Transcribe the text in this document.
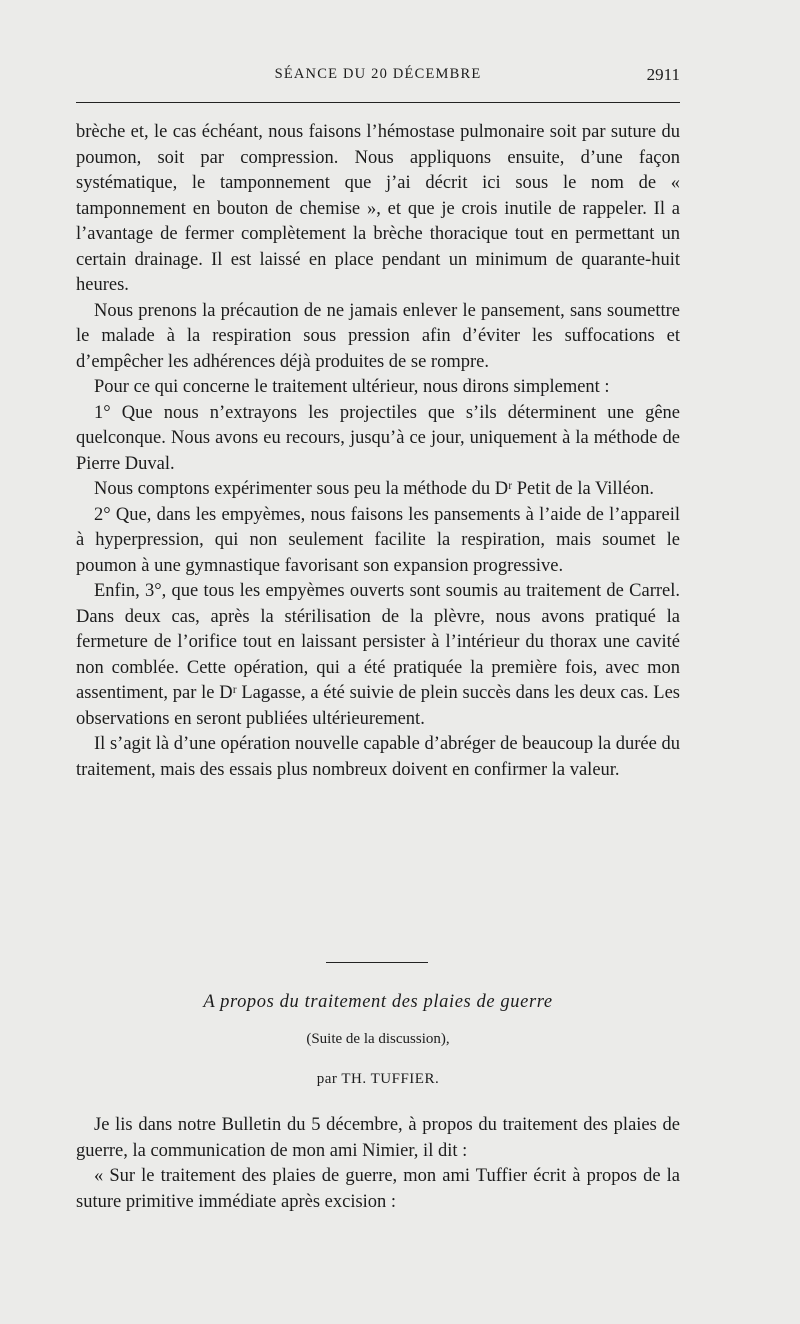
SÉANCE DU 20 DÉCEMBRE	2911

brèche et, le cas échéant, nous faisons l’hémostase pulmonaire soit par suture du poumon, soit par compression. Nous appliquons ensuite, d’une façon systématique, le tamponnement que j’ai décrit ici sous le nom de « tamponnement en bouton de chemise », et que je crois inutile de rappeler. Il a l’avantage de fermer complètement la brèche thoracique tout en permettant un certain drainage. Il est laissé en place pendant un minimum de quarante-huit heures.

Nous prenons la précaution de ne jamais enlever le pansement, sans soumettre le malade à la respiration sous pression afin d’éviter les suffocations et d’empêcher les adhérences déjà produites de se rompre.

Pour ce qui concerne le traitement ultérieur, nous dirons simplement :

1° Que nous n’extrayons les projectiles que s’ils déterminent une gêne quelconque. Nous avons eu recours, jusqu’à ce jour, uniquement à la méthode de Pierre Duval.

Nous comptons expérimenter sous peu la méthode du Dʳ Petit de la Villéon.

2° Que, dans les empyèmes, nous faisons les pansements à l’aide de l’appareil à hyperpression, qui non seulement facilite la respiration, mais soumet le poumon à une gymnastique favorisant son expansion progressive.

Enfin, 3°, que tous les empyèmes ouverts sont soumis au traitement de Carrel. Dans deux cas, après la stérilisation de la plèvre, nous avons pratiqué la fermeture de l’orifice tout en laissant persister à l’intérieur du thorax une cavité non comblée. Cette opération, qui a été pratiquée la première fois, avec mon assentiment, par le Dʳ Lagasse, a été suivie de plein succès dans les deux cas. Les observations en seront publiées ultérieurement.

Il s’agit là d’une opération nouvelle capable d’abréger de beaucoup la durée du traitement, mais des essais plus nombreux doivent en confirmer la valeur.

A propos du traitement des plaies de guerre
(Suite de la discussion),
par TH. TUFFIER.

Je lis dans notre Bulletin du 5 décembre, à propos du traitement des plaies de guerre, la communication de mon ami Nimier, il dit :

« Sur le traitement des plaies de guerre, mon ami Tuffier écrit à propos de la suture primitive immédiate après excision :
